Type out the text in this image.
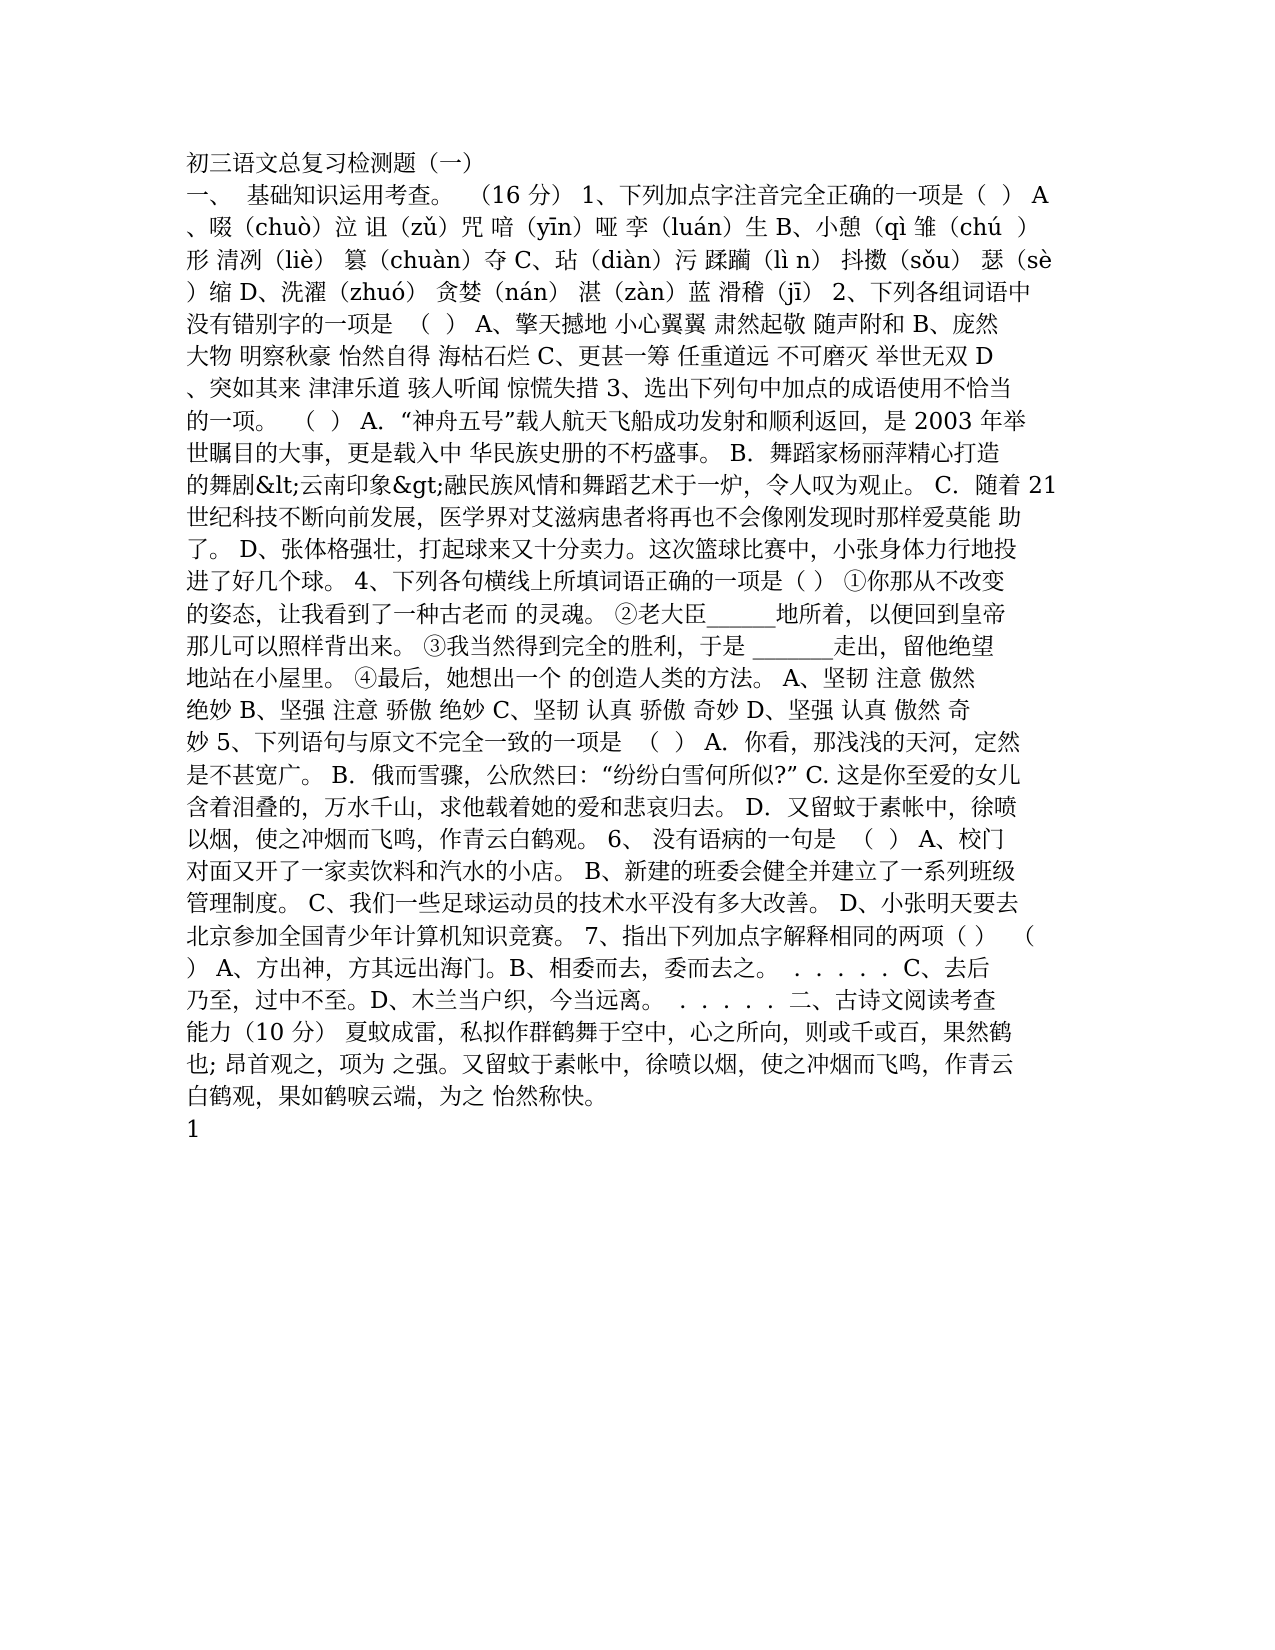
初三语文总复习检测题（一）
一、  基础知识运用考查。  （16 分） 1、下列加点字注音完全正确的一项是（  ） A
、啜（chuò）泣 诅（zǔ）咒 喑（yīn）哑 孪（luán）生 B、小憩（qì 雏（chú  ）
形 清冽（liè） 篡（chuàn）夺 C、玷（diàn）污 蹂躏（lì n） 抖擞（sǒu） 瑟（sè
）缩 D、洗濯（zhuó） 贪婪（nán） 湛（zàn）蓝 滑稽（jī） 2、下列各组词语中
没有错别字的一项是  （  ） A、擎天撼地 小心翼翼 肃然起敬 随声附和 B、庞然
大物 明察秋豪 怡然自得 海枯石烂 C、更甚一筹 任重道远 不可磨灭 举世无双 D
、突如其来 津津乐道 骇人听闻 惊慌失措 3、选出下列句中加点的成语使用不恰当
的一项。  （  ） A．“神舟五号”载人航天飞船成功发射和顺利返回，是 2003 年举
世瞩目的大事，更是载入中 华民族史册的不朽盛事。 B．舞蹈家杨丽萍精心打造
的舞剧&lt;云南印象&gt;融民族风情和舞蹈艺术于一炉，令人叹为观止。 C．随着 21
世纪科技不断向前发展，医学界对艾滋病患者将再也不会像刚发现时那样爱莫能 助
了。 D、张体格强壮，打起球来又十分卖力。这次篮球比赛中，小张身体力行地投
进了好几个球。 4、下列各句横线上所填词语正确的一项是（ ） ①你那从不改变
的姿态，让我看到了一种古老而 的灵魂。 ②老大臣______地所着，以便回到皇帝
那儿可以照样背出来。 ③我当然得到完全的胜利，于是 _______走出，留他绝望
地站在小屋里。 ④最后，她想出一个 的创造人类的方法。 A、坚韧 注意 傲然
绝妙 B、坚强 注意 骄傲 绝妙 C、坚韧 认真 骄傲 奇妙 D、坚强 认真 傲然 奇
妙 5、下列语句与原文不完全一致的一项是  （  ） A．你看，那浅浅的天河，定然
是不甚宽广。 B．俄而雪骤，公欣然曰：“纷纷白雪何所似?” C. 这是你至爱的女儿
含着泪叠的，万水千山，求他载着她的爱和悲哀归去。 D．又留蚊于素帐中，徐喷
以烟，使之冲烟而飞鸣，作青云白鹤观。 6、 没有语病的一句是  （  ） A、校门
对面又开了一家卖饮料和汽水的小店。 B、新建的班委会健全并建立了一系列班级
管理制度。 C、我们一些足球运动员的技术水平没有多大改善。 D、小张明天要去
北京参加全国青少年计算机知识竞赛。 7、指出下列加点字解释相同的两项（ ）  （
） A、方出神，方其远出海门。B、相委而去，委而去之。  .  .  .  .  .  C、去后
乃至，过中不至。D、木兰当户织，今当远离。  .  .  .  .  .  二、古诗文阅读考查
能力（10 分） 夏蚊成雷，私拟作群鹤舞于空中，心之所向，则或千或百，果然鹤
也; 昂首观之，项为 之强。又留蚊于素帐中，徐喷以烟，使之冲烟而飞鸣，作青云
白鹤观，果如鹤唳云端，为之 怡然称快。
1
